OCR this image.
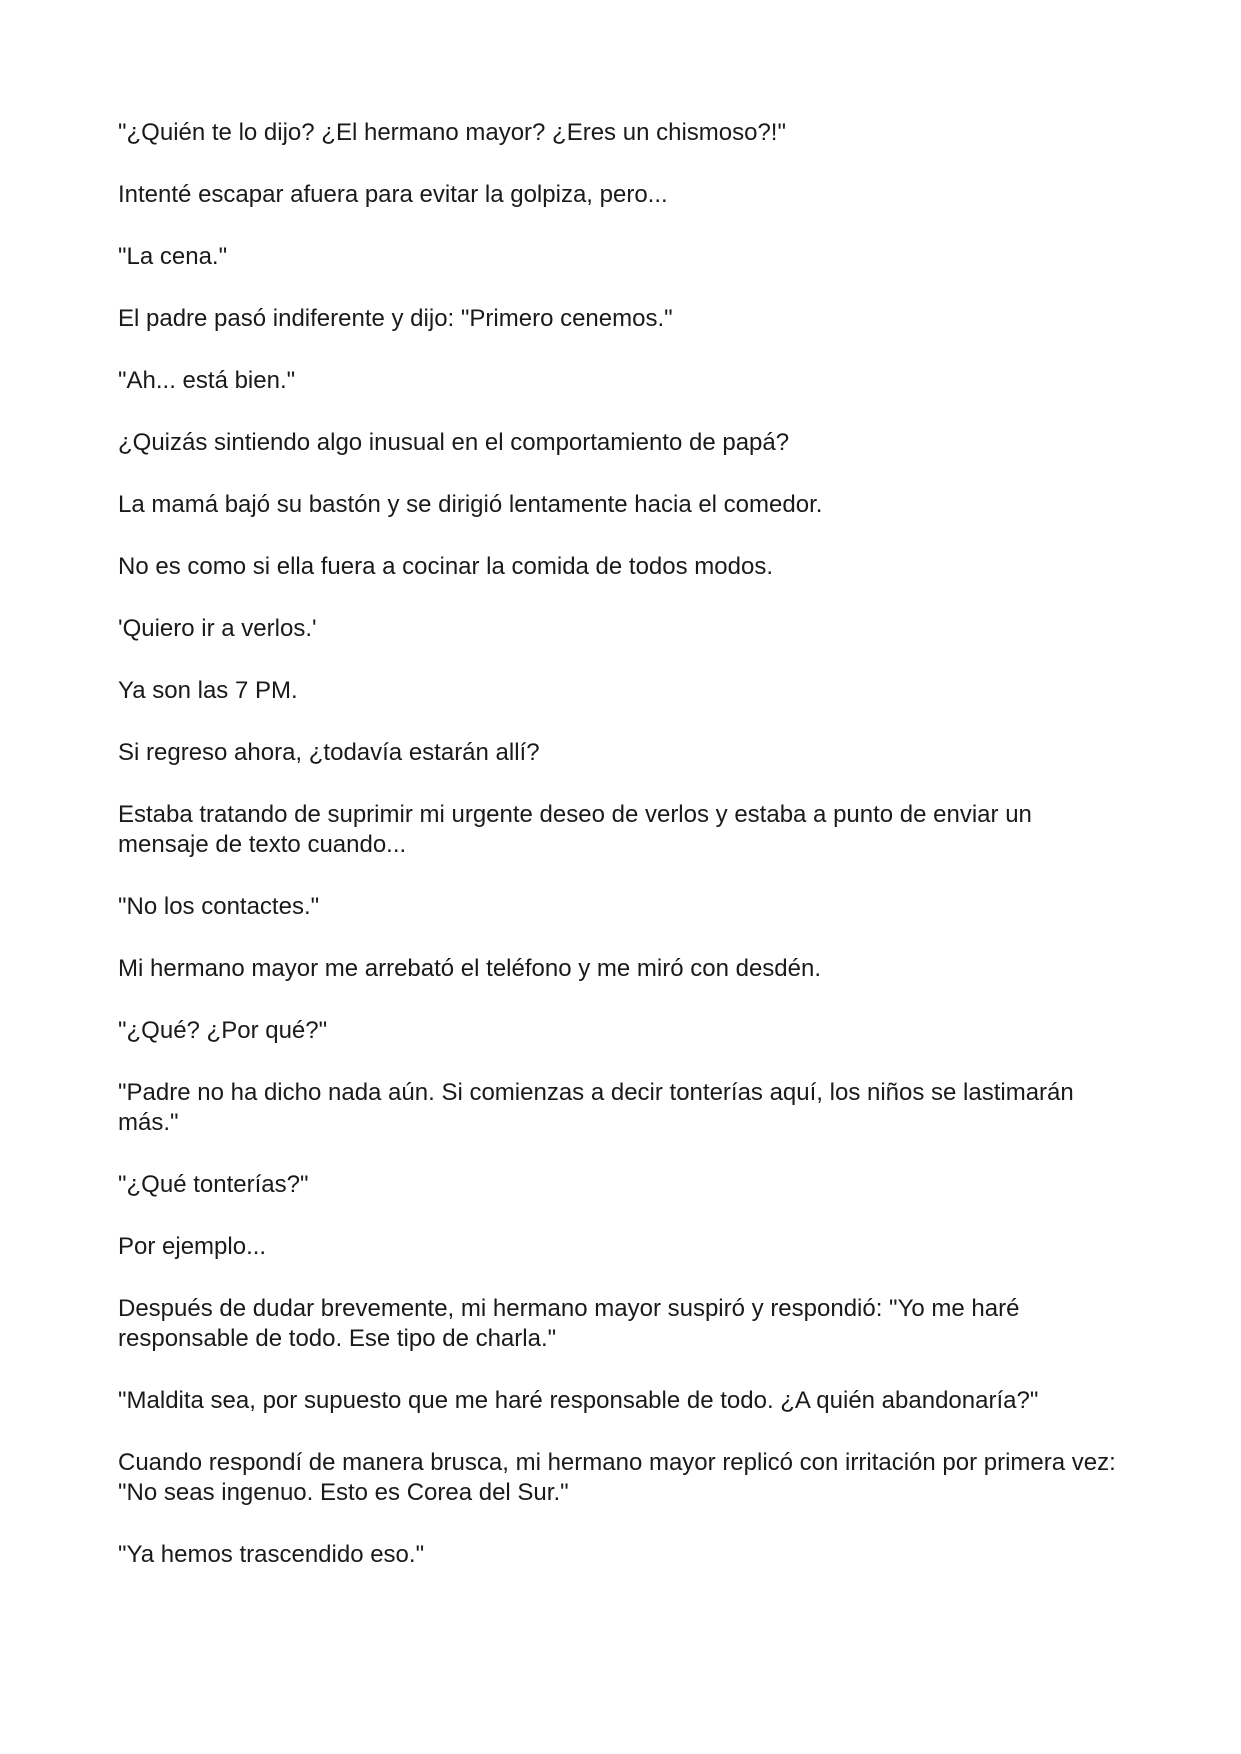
"¿Quién te lo dijo? ¿El hermano mayor? ¿Eres un chismoso?!"

Intenté escapar afuera para evitar la golpiza, pero...

"La cena."

El padre pasó indiferente y dijo: "Primero cenemos."

"Ah... está bien."

¿Quizás sintiendo algo inusual en el comportamiento de papá?

La mamá bajó su bastón y se dirigió lentamente hacia el comedor.

No es como si ella fuera a cocinar la comida de todos modos.

'Quiero ir a verlos.'

Ya son las 7 PM.

Si regreso ahora, ¿todavía estarán allí?

Estaba tratando de suprimir mi urgente deseo de verlos y estaba a punto de enviar un mensaje de texto cuando...

"No los contactes."

Mi hermano mayor me arrebató el teléfono y me miró con desdén.

"¿Qué? ¿Por qué?"

"Padre no ha dicho nada aún. Si comienzas a decir tonterías aquí, los niños se lastimarán más."

"¿Qué tonterías?"

Por ejemplo...

Después de dudar brevemente, mi hermano mayor suspiró y respondió: "Yo me haré responsable de todo. Ese tipo de charla."

"Maldita sea, por supuesto que me haré responsable de todo. ¿A quién abandonaría?"

Cuando respondí de manera brusca, mi hermano mayor replicó con irritación por primera vez: "No seas ingenuo. Esto es Corea del Sur."

"Ya hemos trascendido eso."
